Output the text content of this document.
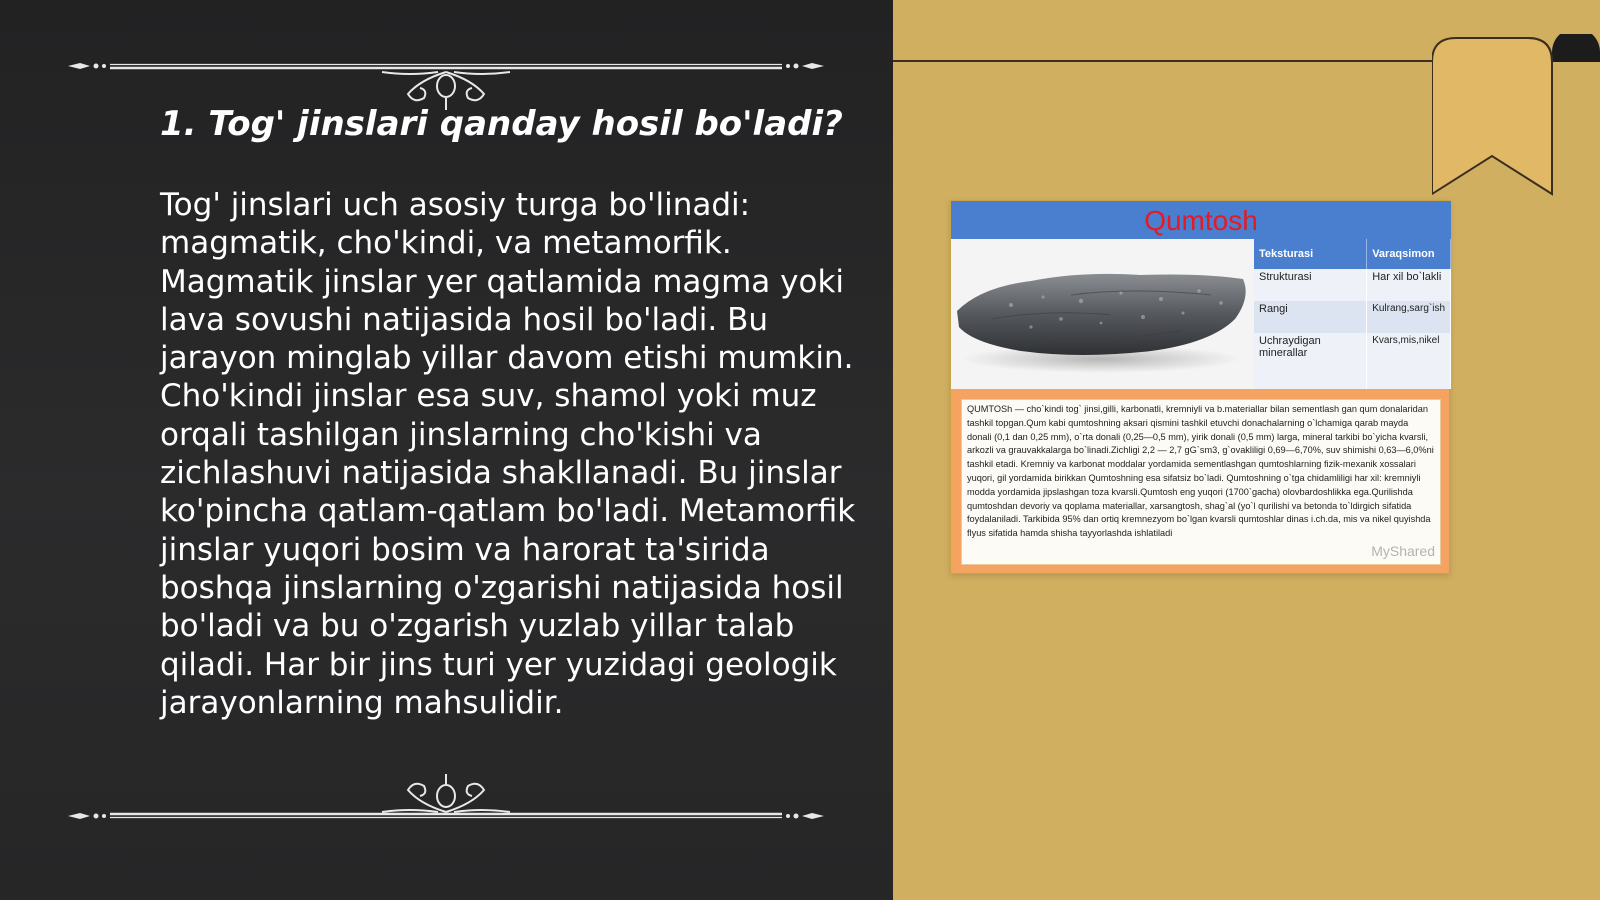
1. Tog' jinslari qanday hosil bo'ladi?
Tog' jinslari uch asosiy turga bo'linadi: magmatik, cho'kindi, va metamorfik. Magmatik jinslar yer qatlamida magma yoki lava sovushi natijasida hosil bo'ladi. Bu jarayon minglab yillar davom etishi mumkin. Cho'kindi jinslar esa suv, shamol yoki muz orqali tashilgan jinslarning cho'kishi va zichlashuvi natijasida shakllanadi. Bu jinslar ko'pincha qatlam-qatlam bo'ladi. Metamorfik jinslar yuqori bosim va harorat ta'sirida boshqa jinslarning o'zgarishi natijasida hosil bo'ladi va bu o'zgarish yuzlab yillar talab qiladi. Har bir jins turi yer yuzidagi geologik jarayonlarning mahsulidir.
Qumtosh
Teksturasi	Varaqsimon
Strukturasi	Har xil bo`lakli
Rangi	Kulrang,sarg`ish
Uchraydigan minerallar	Kvars,mis,nikel
QUMTOSh — cho`kindi tog` jinsi,gilli, karbonatli, kremniyli va b.materiallar bilan sementlash gan qum donalaridan tashkil topgan.Qum kabi qumtoshning aksari qismini tashkil etuvchi donachalarning o`lchamiga qarab mayda donali (0,1 dan 0,25 mm), o`rta donali (0,25—0,5 mm), yirik donali (0,5 mm) larga, mineral tarkibi bo`yicha kvarsli, arkozli va grauvakkalarga bo`linadi.Zichligi 2,2 — 2,7 gG`sm3, g`ovakliligi 0,69—6,70%, suv shimishi 0,63—6,0%ni tashkil etadi. Kremniy va karbonat moddalar yordamida sementlashgan qumtoshlarning fizik-mexanik xossalari yuqori, gil yordamida birikkan Qumtoshning esa sifatsiz bo`ladi. Qumtoshning o`tga chidamliligi har xil: kremniyli modda yordamida jipslashgan toza kvarsli.Qumtosh eng yuqori (1700`gacha) olovbardoshlikka ega.Qurilishda qumtoshdan devoriy va qoplama materiallar, xarsangtosh, shag`al (yo`l qurilishi va betonda to`ldirgich sifatida foydalaniladi. Tarkibida 95% dan ortiq kremnezyom bo`lgan kvarsli qumtoshlar dinas i.ch.da, mis va nikel quyishda flyus sifatida hamda shisha tayyorlashda ishlatiladi
MyShared
